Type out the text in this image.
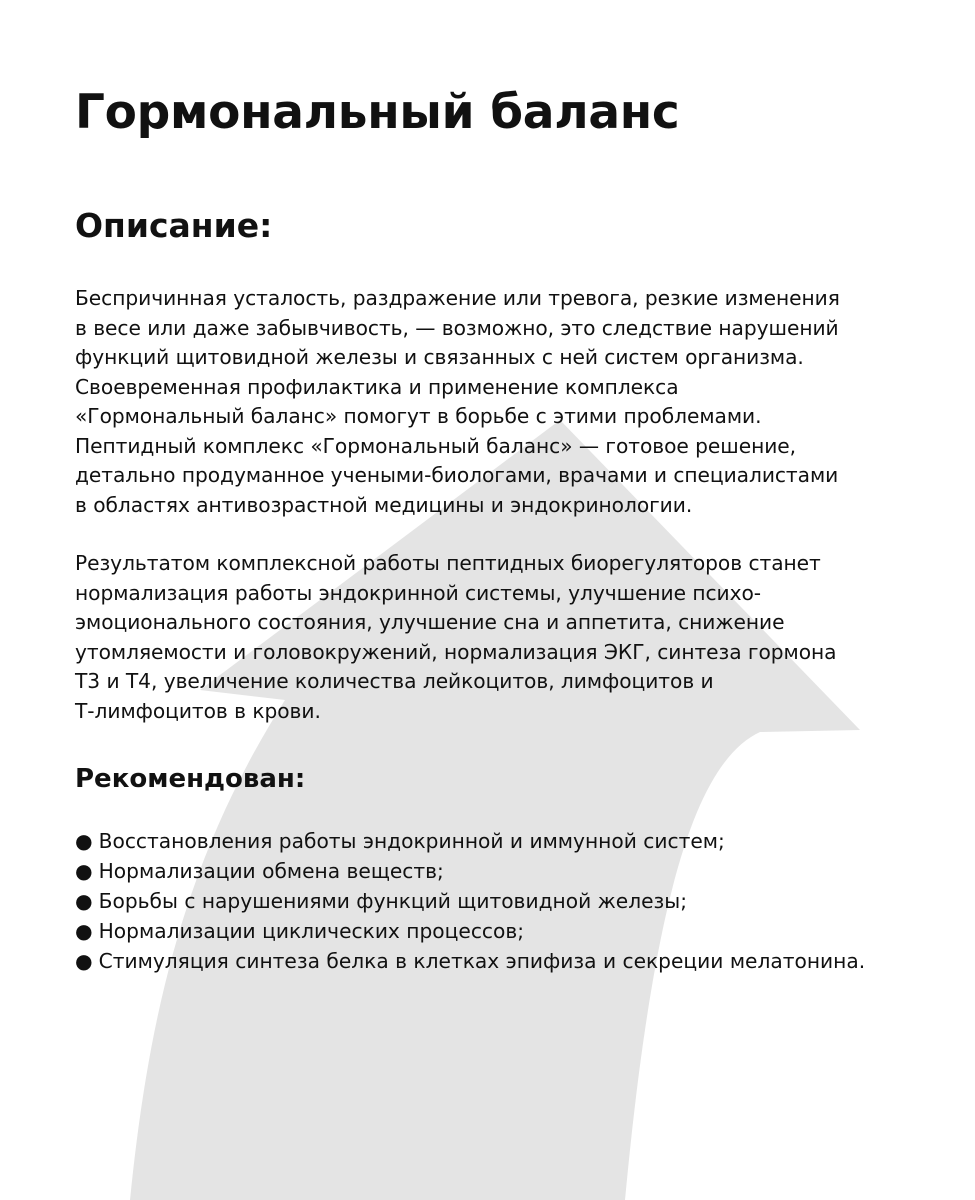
Гормональный баланс
Описание:

Беспричинная усталость, раздражение или тревога, резкие изменения
в весе или даже забывчивость, — возможно, это следствие нарушений
функций щитовидной железы и связанных с ней систем организма.
Своевременная профилактика и применение комплекса
«Гормональный баланс» помогут в борьбе с этими проблемами.
Пептидный комплекс «Гормональный баланс» — готовое решение,
детально продуманное учеными-биологами, врачами и специалистами
в областях антивозрастной медицины и эндокринологии.

Результатом комплексной работы пептидных биорегуляторов станет
нормализация работы эндокринной системы, улучшение психо-
эмоционального состояния, улучшение сна и аппетита, снижение
утомляемости и головокружений, нормализация ЭКГ, синтеза гормона
Т3 и Т4, увеличение количества лейкоцитов, лимфоцитов и
Т-лимфоцитов в крови.

Рекомендован:
● Восстановления работы эндокринной и иммунной систем;
● Нормализации обмена веществ;
● Борьбы с нарушениями функций щитовидной железы;
● Нормализации циклических процессов;
● Стимуляция синтеза белка в клетках эпифиза и секреции мелатонина.
